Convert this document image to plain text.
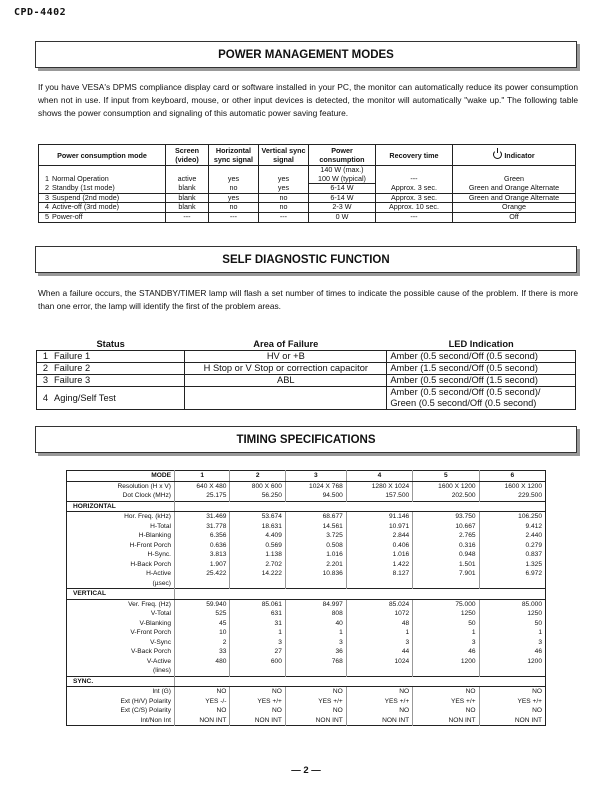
CPD-4402
POWER MANAGEMENT MODES
If you have VESA's DPMS compliance display card or software installed in your PC, the monitor can automatically reduce its power consumption when not in use. If input from keyboard, mouse, or other input devices is detected, the monitor will automatically "wake up." The following table shows the power consumption and signaling of this automatic power saving feature.
Power consumption mode		Screen (video)	Horizontal sync signal	Vertical sync signal	Power consumption	Recovery time	Indicator
1	Normal Operation	active	yes	yes	140 W (max.)	---	Green
					100 W (typical)		
2	Standby (1st mode)	blank	no	yes	6-14 W	Approx. 3 sec.	Green and Orange Alternate
3	Suspend (2nd mode)	blank	yes	no	6-14 W	Approx. 3 sec.	Green and Orange Alternate
4	Active-off (3rd mode)	blank	no	no	2-3 W	Approx. 10 sec.	Orange
5	Power-off	---	---	---	0 W	---	Off
SELF DIAGNOSTIC FUNCTION
When a failure occurs, the STANDBY/TIMER lamp will flash a set number of times to indicate the possible cause of the problem. If there is more than one error, the lamp will identify the first of the problem areas.
Status		Area of Failure	LED Indication
1	Failure 1	HV or +B	Amber (0.5 second/Off (0.5 second)
2	Failure 2	H Stop or V Stop or correction capacitor	Amber (1.5 second/Off (0.5 second)
3	Failure 3	ABL	Amber (0.5 second/Off (1.5 second)
4	Aging/Self Test		Amber (0.5 second/Off (0.5 second)/
Green (0.5 second/Off (0.5 second)
TIMING SPECIFICATIONS
MODE	1	2	3	4	5	6
Resolution (H x V)	640 X 480	800 X 600	1024 X 768	1280 X 1024	1600 X 1200	1600 X 1200
Dot Clock (MHz)	25.175	56.250	94.500	157.500	202.500	229.500
HORIZONTAL						
Hor. Freq. (kHz)	31.469	53.674	68.677	91.146	93.750	106.250
H-Total	31.778	18.631	14.561	10.971	10.667	9.412
H-Blanking	6.356	4.409	3.725	2.844	2.765	2.440
H-Front Porch	0.636	0.569	0.508	0.406	0.316	0.279
H-Sync.	3.813	1.138	1.016	1.016	0.948	0.837
H-Back Porch	1.907	2.702	2.201	1.422	1.501	1.325
H-Active	25.422	14.222	10.836	8.127	7.901	6.972
(µsec)						
VERTICAL						
Ver. Freq. (Hz)	59.940	85.061	84.997	85.024	75.000	85.000
V-Total	525	631	808	1072	1250	1250
V-Blanking	45	31	40	48	50	50
V-Front Porch	10	1	1	1	1	1
V-Sync	2	3	3	3	3	3
V-Back Porch	33	27	36	44	46	46
V-Active	480	600	768	1024	1200	1200
(lines)						
SYNC.						
Int (G)	NO	NO	NO	NO	NO	NO
Ext (H/V) Polarity	YES -/-	YES +/+	YES +/+	YES +/+	YES +/+	YES +/+
Ext (C/S) Polarity	NO	NO	NO	NO	NO	NO
Int/Non Int	NON INT	NON INT	NON INT	NON INT	NON INT	NON INT
— 2 —
